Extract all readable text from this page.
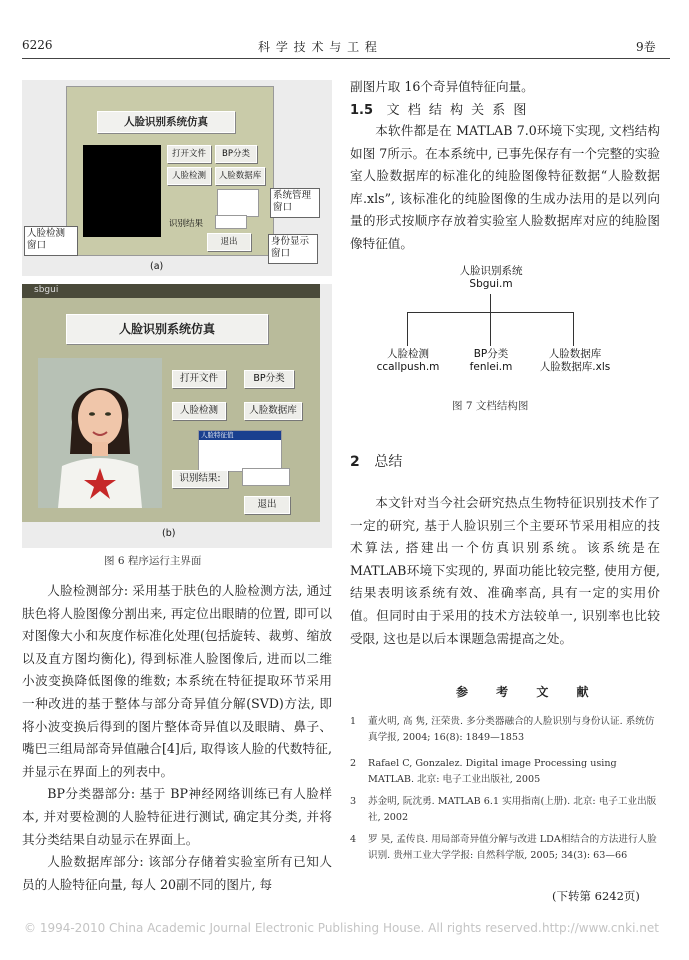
6226	科 学 技 术 与 工 程	9卷
人脸识别系统仿真
打开文件	BP分类
人脸检测	人脸数据库
识别结果
退出
人脸检测
窗口
系统管理
窗口
身份显示
窗口
(a)
sbgui
人脸识别系统仿真
打开文件	BP分类
人脸检测	人脸数据库
人脸特征值
识别结果:
退出
(b)
图 6 程序运行主界面

人脸检测部分: 采用基于肤色的人脸检测方法, 通过肤色将人脸图像分割出来, 再定位出眼睛的位置, 即可以对图像大小和灰度作标准化处理(包括旋转、裁剪、缩放以及直方图均衡化), 得到标准人脸图像后, 进而以二维小波变换降低图像的维数; 本系统在特征提取环节采用一种改进的基于整体与部分奇异值分解(SVD)方法, 即将小波变换后得到的图片整体奇异值以及眼睛、鼻子、嘴巴三组局部奇异值融合[4]后, 取得该人脸的代数特征, 并显示在界面上的列表中。

BP分类器部分: 基于 BP神经网络训练已有人脸样本, 并对要检测的人脸特征进行测试, 确定其分类, 并将其分类结果自动显示在界面上。

人脸数据库部分: 该部分存储着实验室所有已知人员的人脸特征向量, 每人 20副不同的图片, 每

副图片取 16个奇异值特征向量。
1.5 文 档 结 构 关 系 图

本软件都是在 MATLAB 7.0环境下实现, 文档结构如图 7所示。在本系统中, 已事先保存有一个完整的实验室人脸数据库的标准化的纯脸图像特征数据“人脸数据库.xls”, 该标准化的纯脸图像的生成办法用的是以列向量的形式按顺序存放着实验室人脸数据库对应的纯脸图像特征值。

人脸识别系统
Sbgui.m
人脸检测
ccallpush.m
BP分类
fenlei.m
人脸数据库
人脸数据库.xls
图 7 文档结构图
2 总结

本文针对当今社会研究热点生物特征识别技术作了一定的研究, 基于人脸识别三个主要环节采用相应的技术算法, 搭建出一个仿真识别系统。该系统是在 MATLAB环境下实现的, 界面功能比较完整, 使用方便, 结果表明该系统有效、准确率高, 具有一定的实用价值。但同时由于采用的技术方法较单一, 识别率也比较受限, 这也是以后本课题急需提高之处。

参 考 文 献
1 董火明, 高 隽, 汪荣贵. 多分类器融合的人脸识别与身份认证. 系统仿真学报, 2004; 16(8): 1849—1853
2 Rafael C, Gonzalez. Digital image Processing using MATLAB. 北京: 电子工业出版社, 2005
3 苏金明, 阮沈勇. MATLAB 6.1 实用指南(上册). 北京: 电子工业出版社, 2002
4 罗 昊, 孟传良. 用局部奇异值分解与改进 LDA相结合的方法进行人脸识别. 贵州工业大学学报: 自然科学版, 2005; 34(3): 63—66
(下转第 6242页)
© 1994-2010 China Academic Journal Electronic Publishing House. All rights reserved. http://www.cnki.net
